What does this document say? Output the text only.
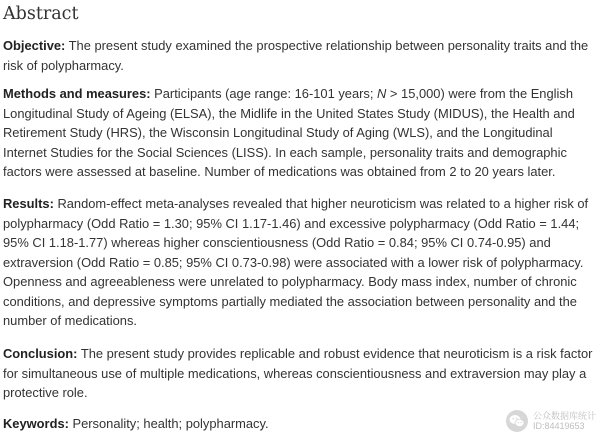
Abstract

Objective: The present study examined the prospective relationship between personality traits and the risk of polypharmacy.

Methods and measures: Participants (age range: 16-101 years; N > 15,000) were from the English Longitudinal Study of Ageing (ELSA), the Midlife in the United States Study (MIDUS), the Health and Retirement Study (HRS), the Wisconsin Longitudinal Study of Aging (WLS), and the Longitudinal Internet Studies for the Social Sciences (LISS). In each sample, personality traits and demographic factors were assessed at baseline. Number of medications was obtained from 2 to 20 years later.

Results: Random-effect meta-analyses revealed that higher neuroticism was related to a higher risk of polypharmacy (Odd Ratio = 1.30; 95% CI 1.17-1.46) and excessive polypharmacy (Odd Ratio = 1.44; 95% CI 1.18-1.77) whereas higher conscientiousness (Odd Ratio = 0.84; 95% CI 0.74-0.95) and extraversion (Odd Ratio = 0.85; 95% CI 0.73-0.98) were associated with a lower risk of polypharmacy. Openness and agreeableness were unrelated to polypharmacy. Body mass index, number of chronic conditions, and depressive symptoms partially mediated the association between personality and the number of medications.

Conclusion: The present study provides replicable and robust evidence that neuroticism is a risk factor for simultaneous use of multiple medications, whereas conscientiousness and extraversion may play a protective role.

Keywords: Personality; health; polypharmacy.	公众数据库统计
ID:84419653
